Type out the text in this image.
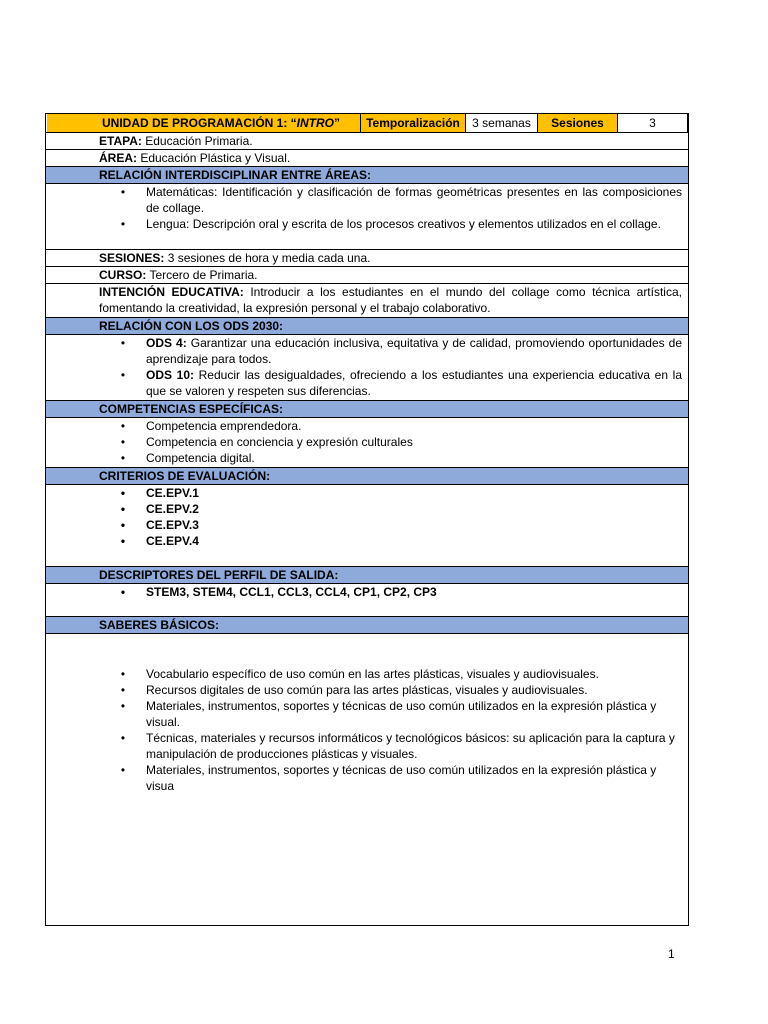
UNIDAD DE PROGRAMACIÓN 1: “INTRO”	Temporalización	3 semanas	Sesiones	3
ETAPA: Educación Primaria.
ÁREA: Educación Plástica y Visual.
RELACIÓN INTERDISCIPLINAR ENTRE ÁREAS:
• Matemáticas: Identificación y clasificación de formas geométricas presentes en las composiciones de collage.
• Lengua: Descripción oral y escrita de los procesos creativos y elementos utilizados en el collage.
SESIONES: 3 sesiones de hora y media cada una.
CURSO: Tercero de Primaria.
INTENCIÓN EDUCATIVA: Introducir a los estudiantes en el mundo del collage como técnica artística, fomentando la creatividad, la expresión personal y el trabajo colaborativo.
RELACIÓN CON LOS ODS 2030:
• ODS 4: Garantizar una educación inclusiva, equitativa y de calidad, promoviendo oportunidades de aprendizaje para todos.
• ODS 10: Reducir las desigualdades, ofreciendo a los estudiantes una experiencia educativa en la que se valoren y respeten sus diferencias.
COMPETENCIAS ESPECÍFICAS:
• Competencia emprendedora.
• Competencia en conciencia y expresión culturales
• Competencia digital.
CRITERIOS DE EVALUACIÓN:
• CE.EPV.1
• CE.EPV.2
• CE.EPV.3
• CE.EPV.4
DESCRIPTORES DEL PERFIL DE SALIDA:
• STEM3, STEM4, CCL1, CCL3, CCL4, CP1, CP2, CP3
SABERES BÁSICOS:
• Vocabulario específico de uso común en las artes plásticas, visuales y audiovisuales.
• Recursos digitales de uso común para las artes plásticas, visuales y audiovisuales.
• Materiales, instrumentos, soportes y técnicas de uso común utilizados en la expresión plástica y visual.
• Técnicas, materiales y recursos informáticos y tecnológicos básicos: su aplicación para la captura y manipulación de producciones plásticas y visuales.
• Materiales, instrumentos, soportes y técnicas de uso común utilizados en la expresión plástica y visua
1
